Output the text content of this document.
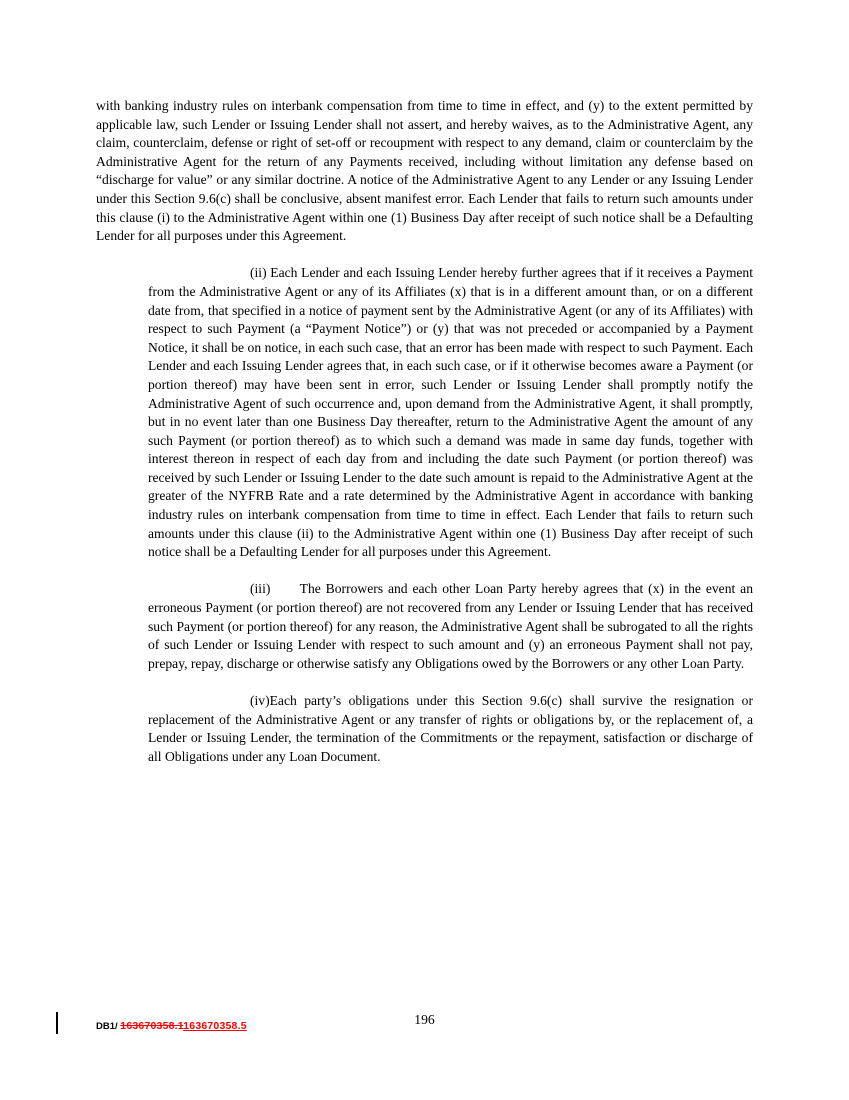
with banking industry rules on interbank compensation from time to time in effect, and (y) to the extent permitted by applicable law, such Lender or Issuing Lender shall not assert, and hereby waives, as to the Administrative Agent, any claim, counterclaim, defense or right of set-off or recoupment with respect to any demand, claim or counterclaim by the Administrative Agent for the return of any Payments received, including without limitation any defense based on “discharge for value” or any similar doctrine. A notice of the Administrative Agent to any Lender or any Issuing Lender under this Section 9.6(c) shall be conclusive, absent manifest error. Each Lender that fails to return such amounts under this clause (i) to the Administrative Agent within one (1) Business Day after receipt of such notice shall be a Defaulting Lender for all purposes under this Agreement.

(ii) Each Lender and each Issuing Lender hereby further agrees that if it receives a Payment from the Administrative Agent or any of its Affiliates (x) that is in a different amount than, or on a different date from, that specified in a notice of payment sent by the Administrative Agent (or any of its Affiliates) with respect to such Payment (a “Payment Notice”) or (y) that was not preceded or accompanied by a Payment Notice, it shall be on notice, in each such case, that an error has been made with respect to such Payment. Each Lender and each Issuing Lender agrees that, in each such case, or if it otherwise becomes aware a Payment (or portion thereof) may have been sent in error, such Lender or Issuing Lender shall promptly notify the Administrative Agent of such occurrence and, upon demand from the Administrative Agent, it shall promptly, but in no event later than one Business Day thereafter, return to the Administrative Agent the amount of any such Payment (or portion thereof) as to which such a demand was made in same day funds, together with interest thereon in respect of each day from and including the date such Payment (or portion thereof) was received by such Lender or Issuing Lender to the date such amount is repaid to the Administrative Agent at the greater of the NYFRB Rate and a rate determined by the Administrative Agent in accordance with banking industry rules on interbank compensation from time to time in effect. Each Lender that fails to return such amounts under this clause (ii) to the Administrative Agent within one (1) Business Day after receipt of such notice shall be a Defaulting Lender for all purposes under this Agreement.

(iii)      The Borrowers and each other Loan Party hereby agrees that (x) in the event an erroneous Payment (or portion thereof) are not recovered from any Lender or Issuing Lender that has received such Payment (or portion thereof) for any reason, the Administrative Agent shall be subrogated to all the rights of such Lender or Issuing Lender with respect to such amount and (y) an erroneous Payment shall not pay, prepay, repay, discharge or otherwise satisfy any Obligations owed by the Borrowers or any other Loan Party.

(iv)Each party’s obligations under this Section 9.6(c) shall survive the resignation or replacement of the Administrative Agent or any transfer of rights or obligations by, or the replacement of, a Lender or Issuing Lender, the termination of the Commitments or the repayment, satisfaction or discharge of all Obligations under any Loan Document.

196
DB1/ 163670358.1163670358.5
